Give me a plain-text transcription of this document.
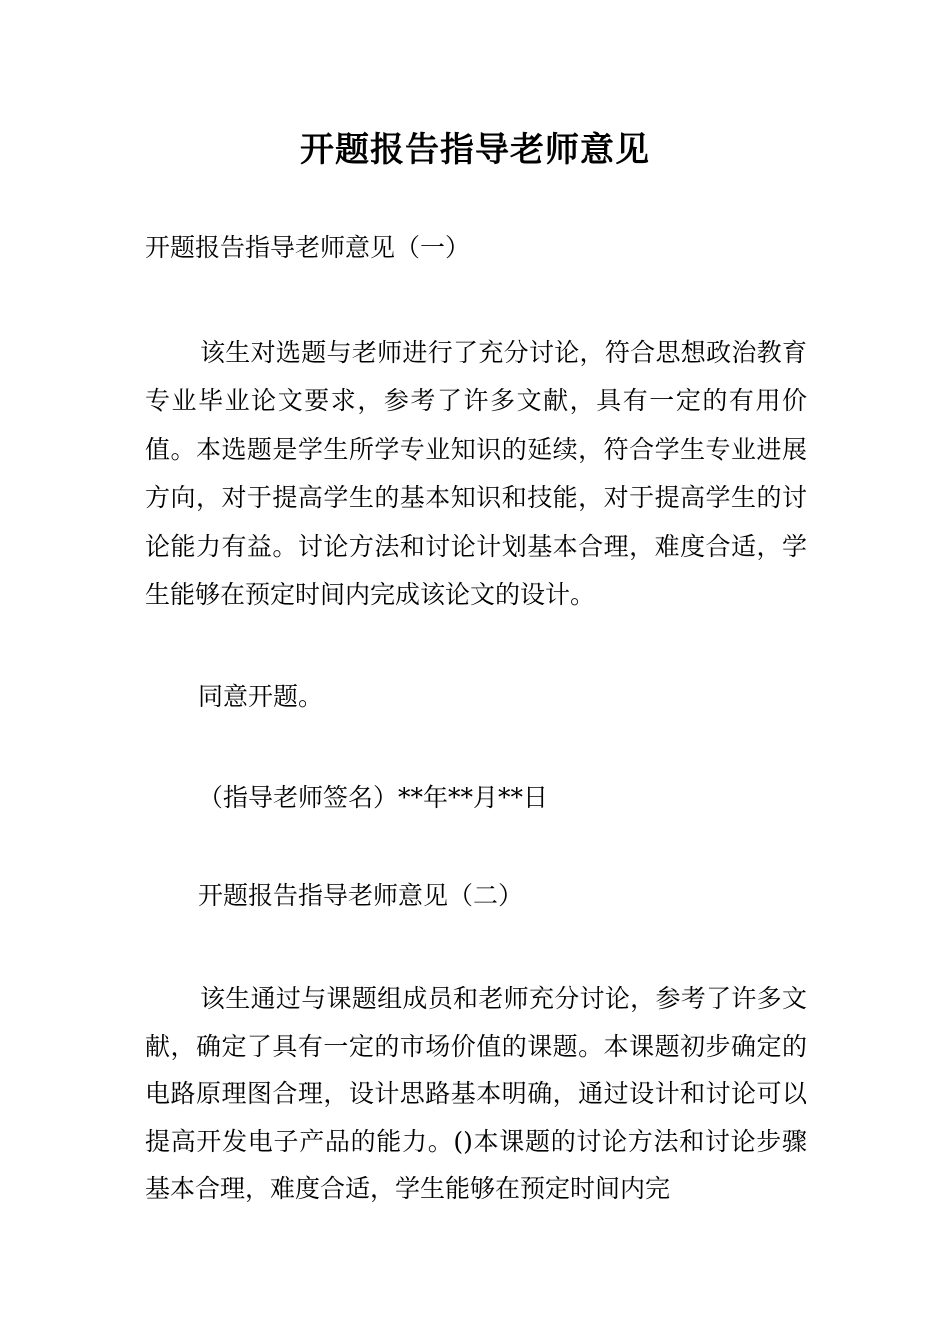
开题报告指导老师意见

开题报告指导老师意见（一）

该生对选题与老师进行了充分讨论，符合思想政治教育专业毕业论文要求，参考了许多文献，具有一定的有用价值。本选题是学生所学专业知识的延续，符合学生专业进展方向，对于提高学生的基本知识和技能，对于提高学生的讨论能力有益。讨论方法和讨论计划基本合理，难度合适，学生能够在预定时间内完成该论文的设计。

同意开题。

（指导老师签名）**年**月**日

开题报告指导老师意见（二）

该生通过与课题组成员和老师充分讨论，参考了许多文献，确定了具有一定的市场价值的课题。本课题初步确定的电路原理图合理，设计思路基本明确，通过设计和讨论可以提高开发电子产品的能力。()本课题的讨论方法和讨论步骤基本合理，难度合适，学生能够在预定时间内完
